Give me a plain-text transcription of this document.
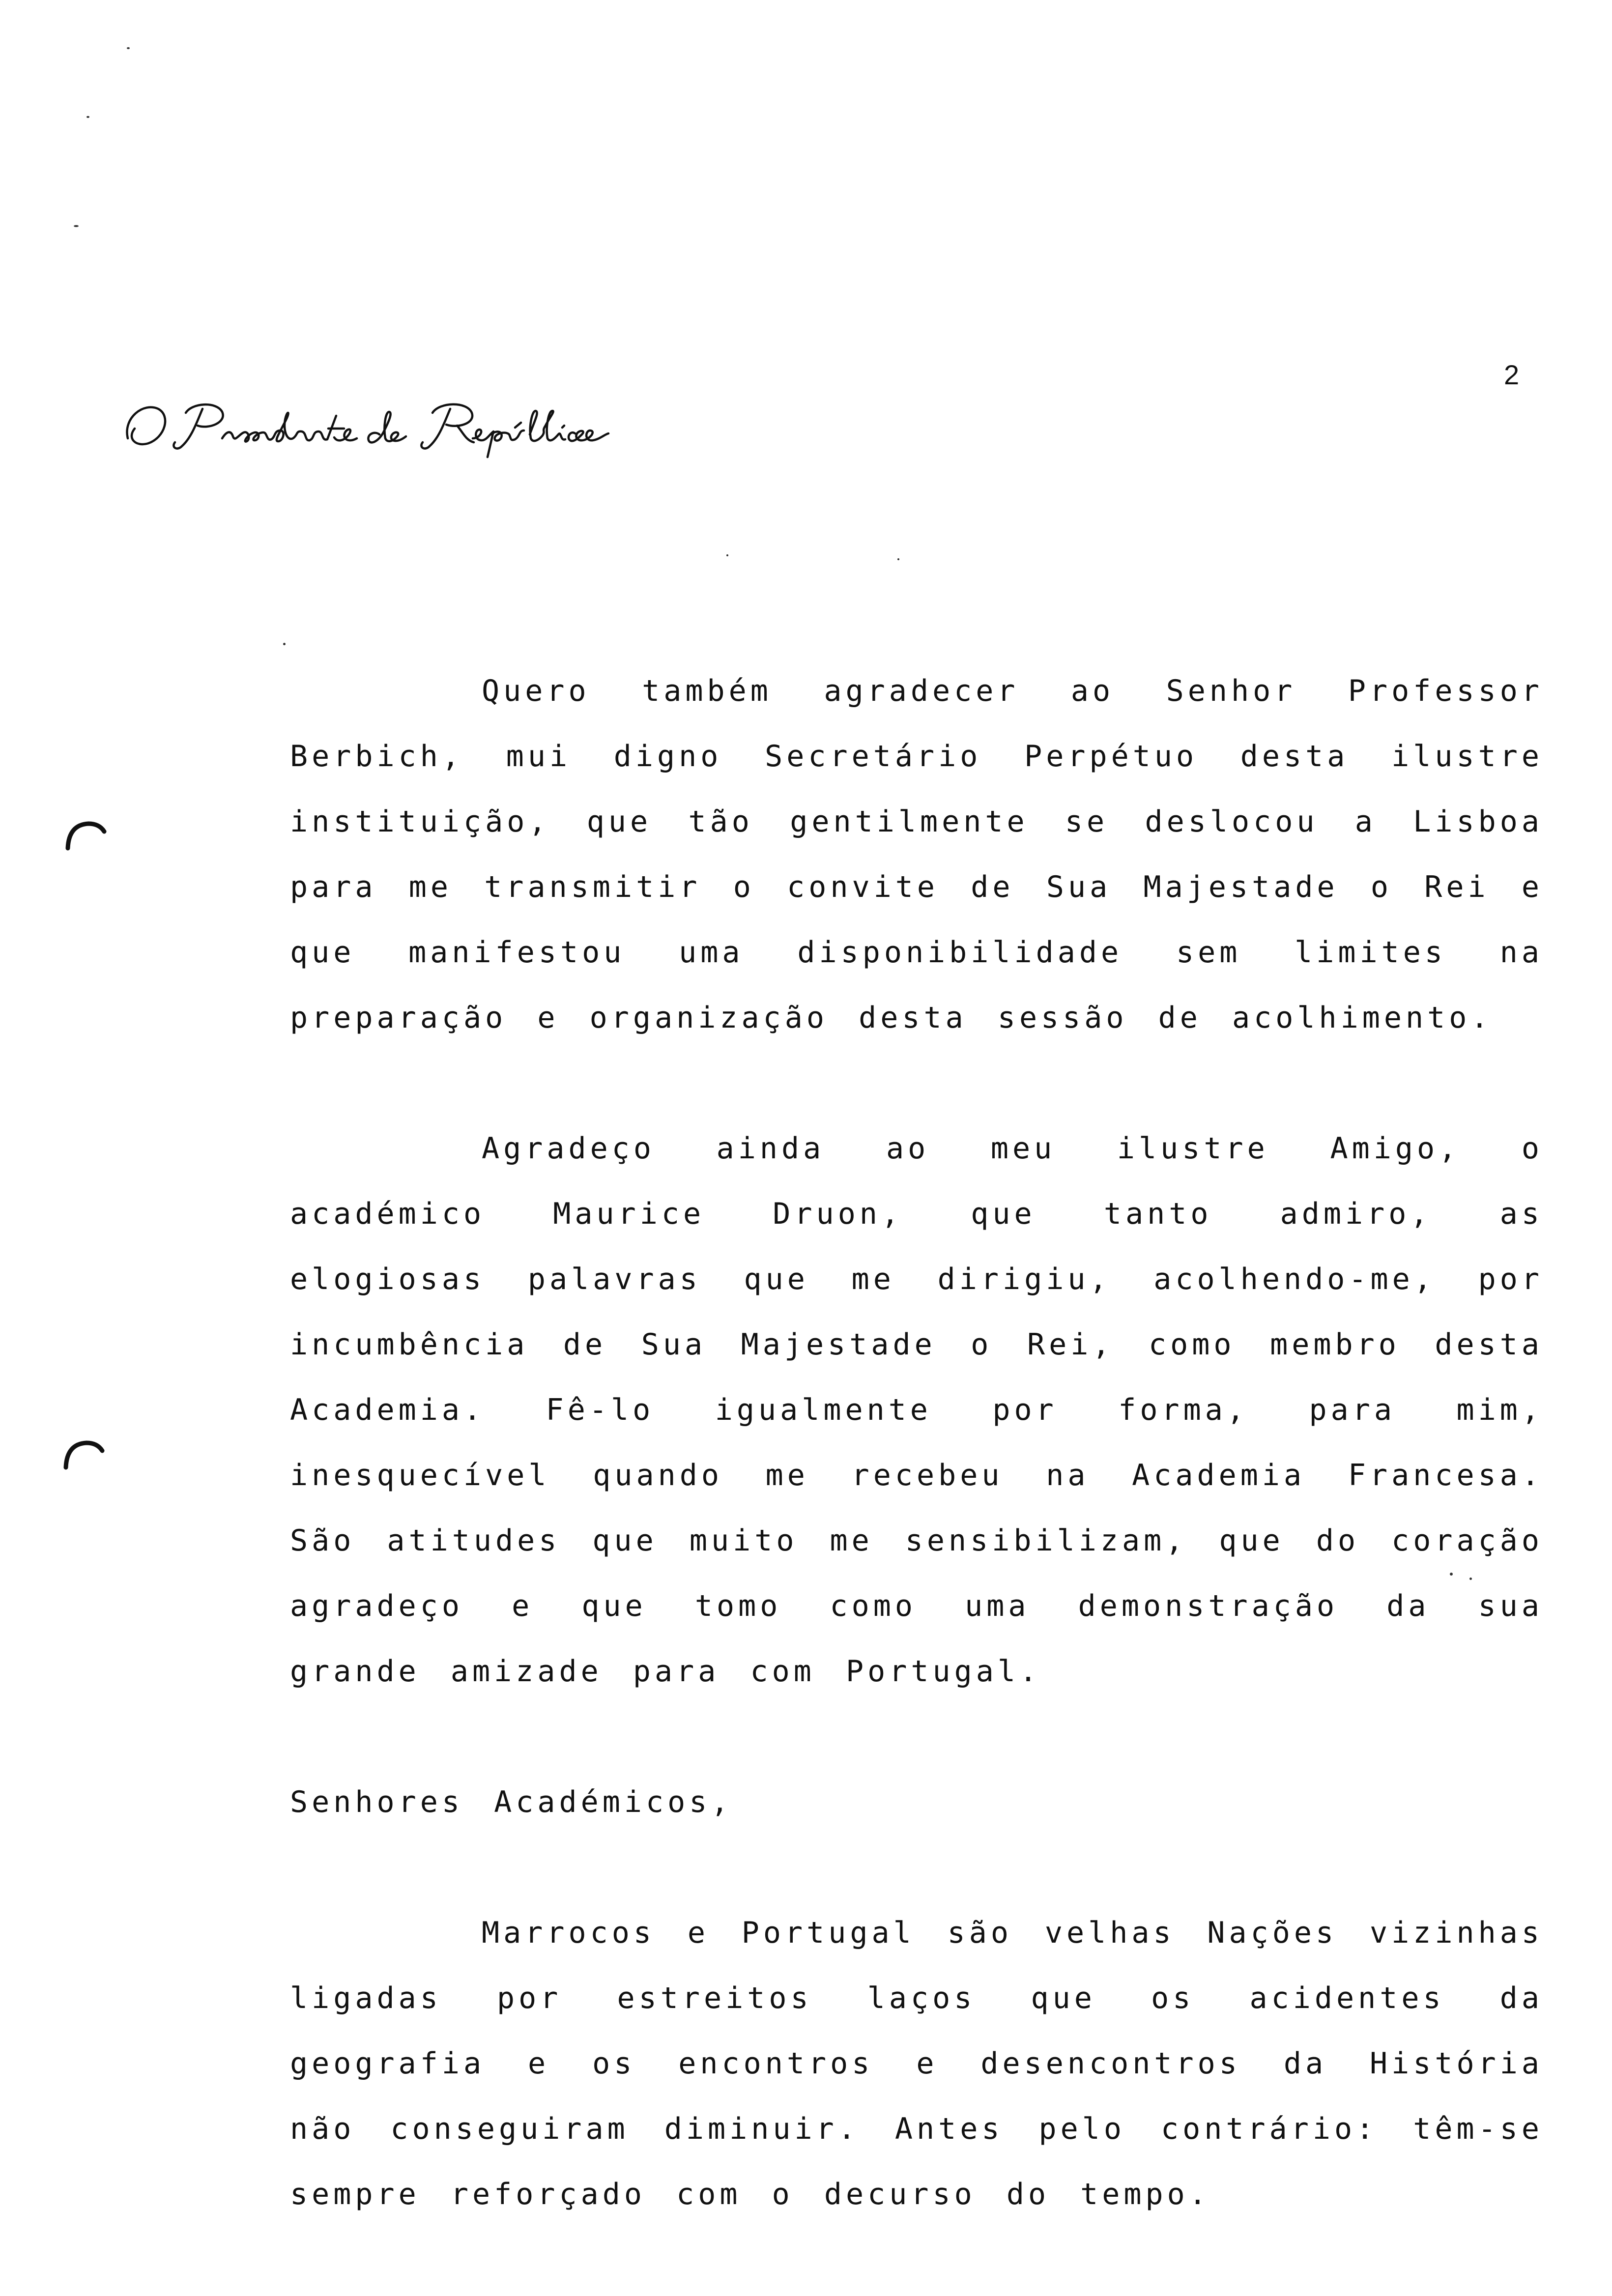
2

Quero também agradecer ao Senhor Professor Berbich, mui digno Secretário Perpétuo desta ilustre instituição, que tão gentilmente se deslocou a Lisboa para me transmitir o convite de Sua Majestade o Rei e que manifestou uma disponibilidade sem limites na preparação e organização desta sessão de acolhimento.

Agradeço ainda ao meu ilustre Amigo, o académico Maurice Druon, que tanto admiro, as elogiosas palavras que me dirigiu, acolhendo-me, por incumbência de Sua Majestade o Rei, como membro desta Academia. Fê-lo igualmente por forma, para mim, inesquecível quando me recebeu na Academia Francesa. São atitudes que muito me sensibilizam, que do coração agradeço e que tomo como uma demonstração da sua grande amizade para com Portugal.

Senhores Académicos,

Marrocos e Portugal são velhas Nações vizinhas ligadas por estreitos laços que os acidentes da geografia e os encontros e desencontros da História não conseguiram diminuir. Antes pelo contrário: têm-se sempre reforçado com o decurso do tempo.
